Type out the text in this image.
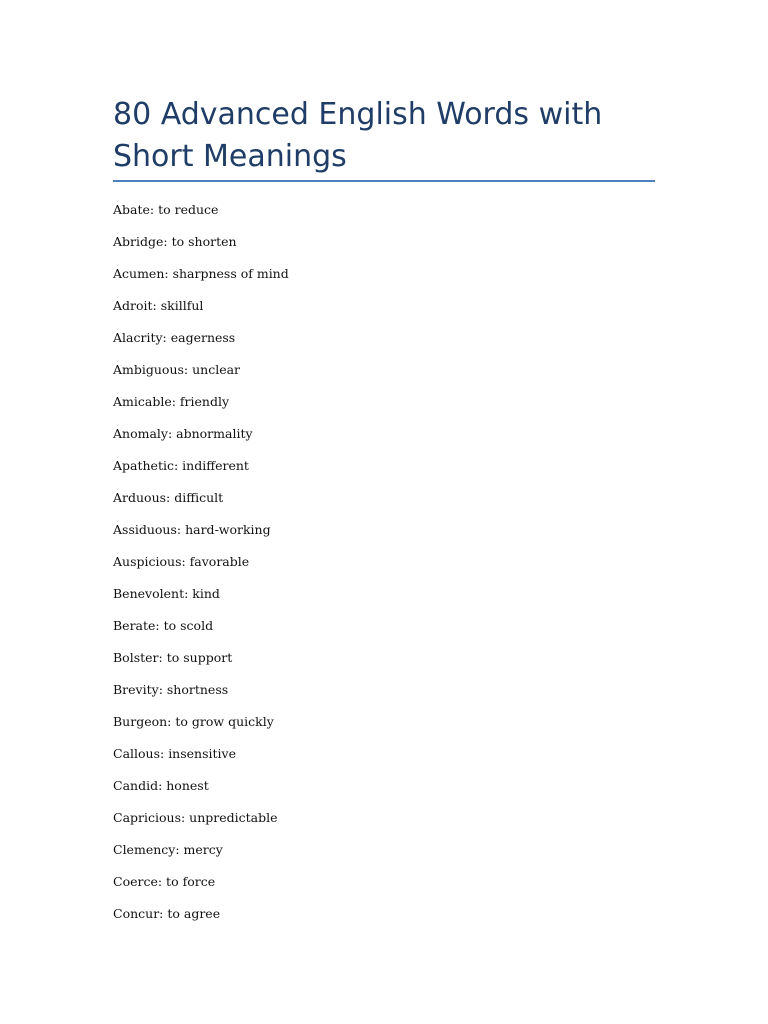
80 Advanced English Words with Short Meanings
Abate: to reduce
Abridge: to shorten
Acumen: sharpness of mind
Adroit: skillful
Alacrity: eagerness
Ambiguous: unclear
Amicable: friendly
Anomaly: abnormality
Apathetic: indifferent
Arduous: difficult
Assiduous: hard-working
Auspicious: favorable
Benevolent: kind
Berate: to scold
Bolster: to support
Brevity: shortness
Burgeon: to grow quickly
Callous: insensitive
Candid: honest
Capricious: unpredictable
Clemency: mercy
Coerce: to force
Concur: to agree
